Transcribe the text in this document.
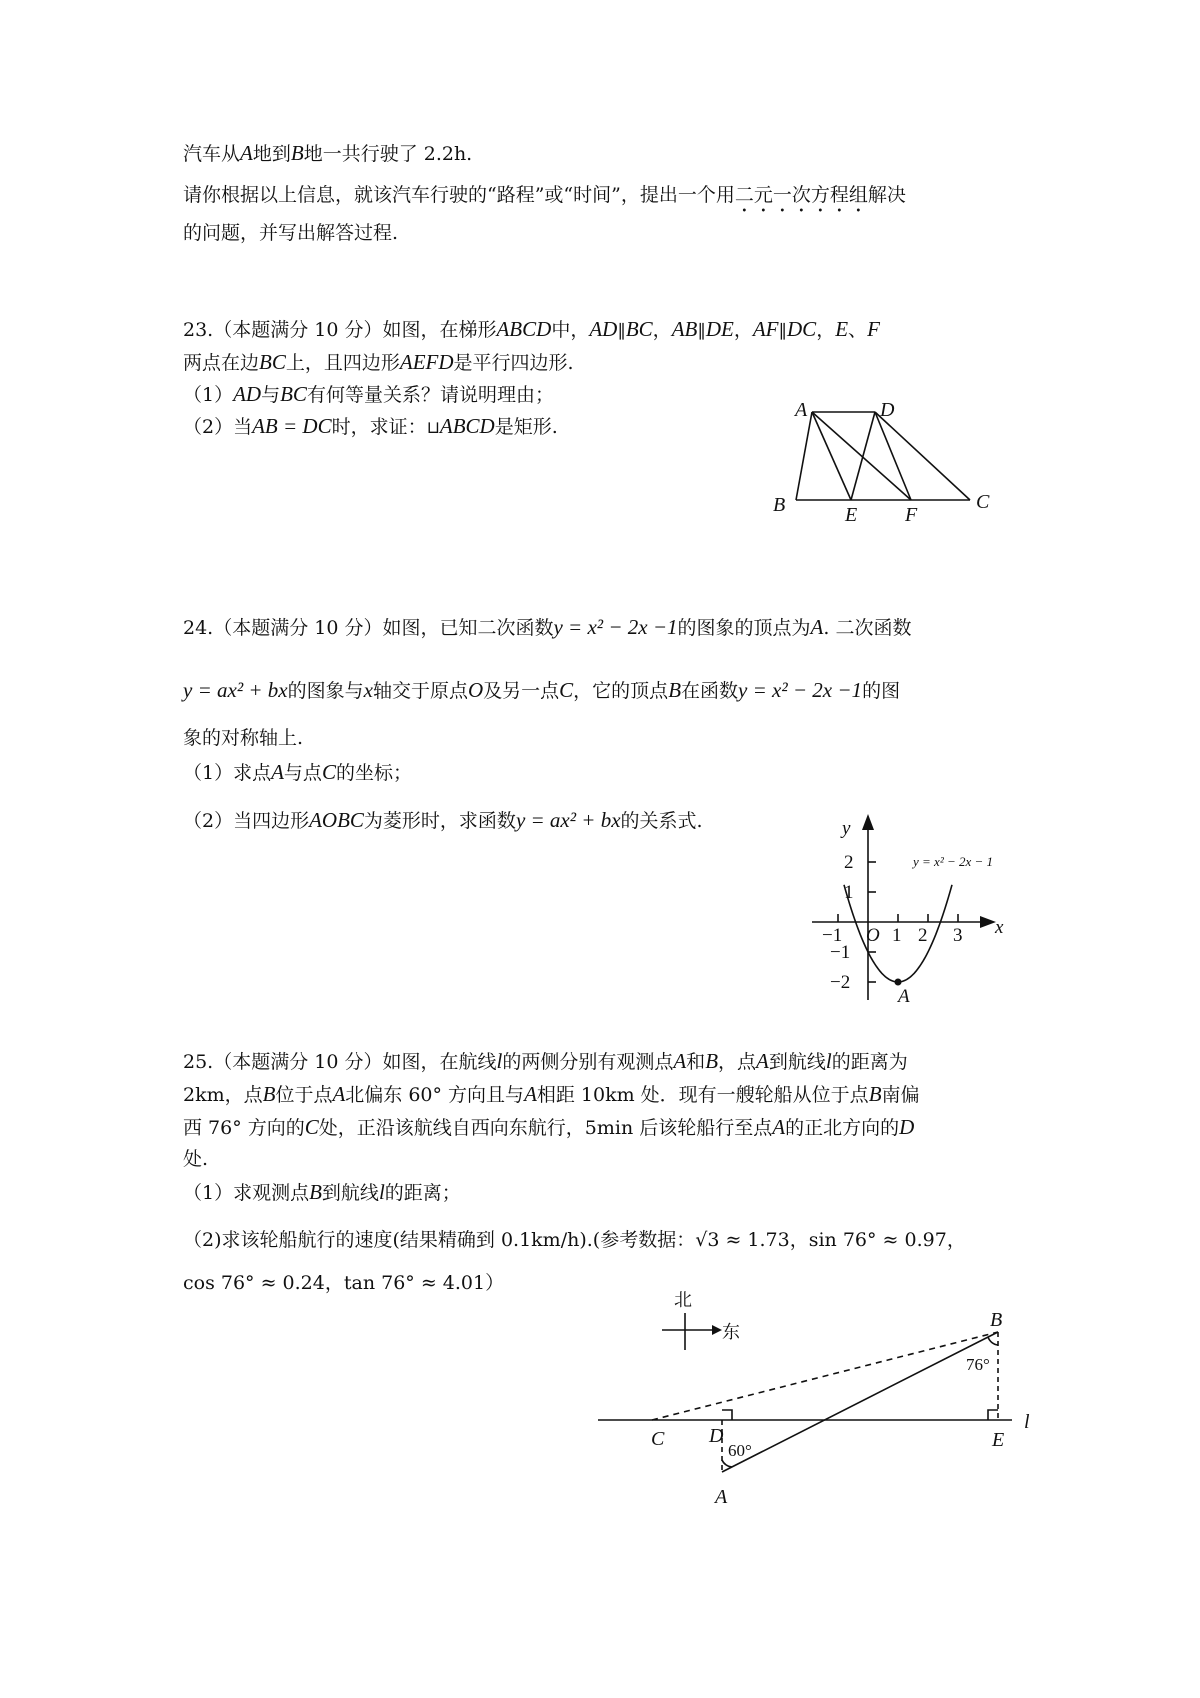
汽车从A地到B地一共行驶了 2.2h.
请你根据以上信息，就该汽车行驶的“路程”或“时间”，提出一个用二元一次方程组解决
的问题，并写出解答过程.
23.（本题满分 10 分）如图，在梯形ABCD中，AD∥BC，AB∥DE，AF∥DC，E、F
两点在边BC上，且四边形AEFD是平行四边形.
（1）AD与BC有何等量关系？请说明理由；
（2）当AB = DC时，求证：⊔ABCD是矩形.
A	D
B	E F
C
24.（本题满分 10 分）如图，已知二次函数y = x² − 2x −1的图象的顶点为A. 二次函数
y = ax² + bx的图象与x轴交于原点O及另一点C，它的顶点B在函数y = x² − 2x −1的图
象的对称轴上.
（1）求点A与点C的坐标；
（2）当四边形AOBC为菱形时，求函数y = ax² + bx的关系式.	y
x
O
2
1
−1
−2
−1	1 2 3
A
y = x² − 2x − 1
25.（本题满分 10 分）如图，在航线l的两侧分别有观测点A和B，点A到航线l的距离为
2km，点B位于点A北偏东 60° 方向且与A相距 10km 处．现有一艘轮船从位于点B南偏
西 76° 方向的C处，正沿该航线自西向东航行，5min 后该轮船行至点A的正北方向的D
处.
（1）求观测点B到航线l的距离；
（2)求该轮船航行的速度(结果精确到 0.1km/h).(参考数据：√3 ≈ 1.73，sin 76° ≈ 0.97，
cos 76° ≈ 0.24，tan 76° ≈ 4.01）
北
东
B
C D	E
A
l
76°
60°
